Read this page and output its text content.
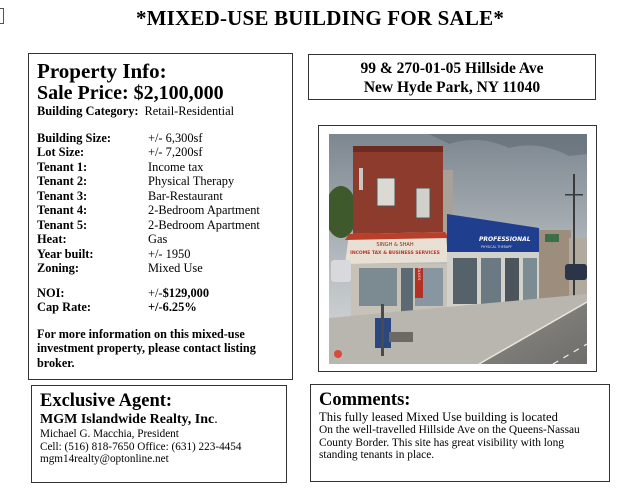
*MIXED-USE BUILDING FOR SALE*
Property Info:
Sale Price: $2,100,000
Building Category: Retail-Residential
Building Size:	+/- 6,300sf
Lot Size:	+/- 7,200sf
Tenant 1:	Income tax
Tenant 2:	Physical Therapy
Tenant 3:	Bar-Restaurant
Tenant 4:	2-Bedroom Apartment
Tenant 5:	2-Bedroom Apartment
Heat:	Gas
Year built:	+/- 1950
Zoning:	Mixed Use
NOI:	+/-$129,000
Cap Rate:	+/-6.25%
For more information on this mixed-use investment property, please contact listing broker.
99 & 270-01-05 Hillside Ave
New Hyde Park, NY 11040
SINGH & SHAH
INCOME TAX & BUSINESS SERVICES
TAXES
PROFESSIONAL
PHYSICAL THERAPY
Exclusive Agent:
MGM Islandwide Realty, Inc.
Michael G. Macchia, President
Cell: (516) 818-7650 Office: (631) 223-4454
mgm14realty@optonline.net
Comments:
This fully leased Mixed Use building is located
On the well-travelled Hillside Ave on the Queens-Nassau County Border. This site has great visibility with long standing tenants in place.
